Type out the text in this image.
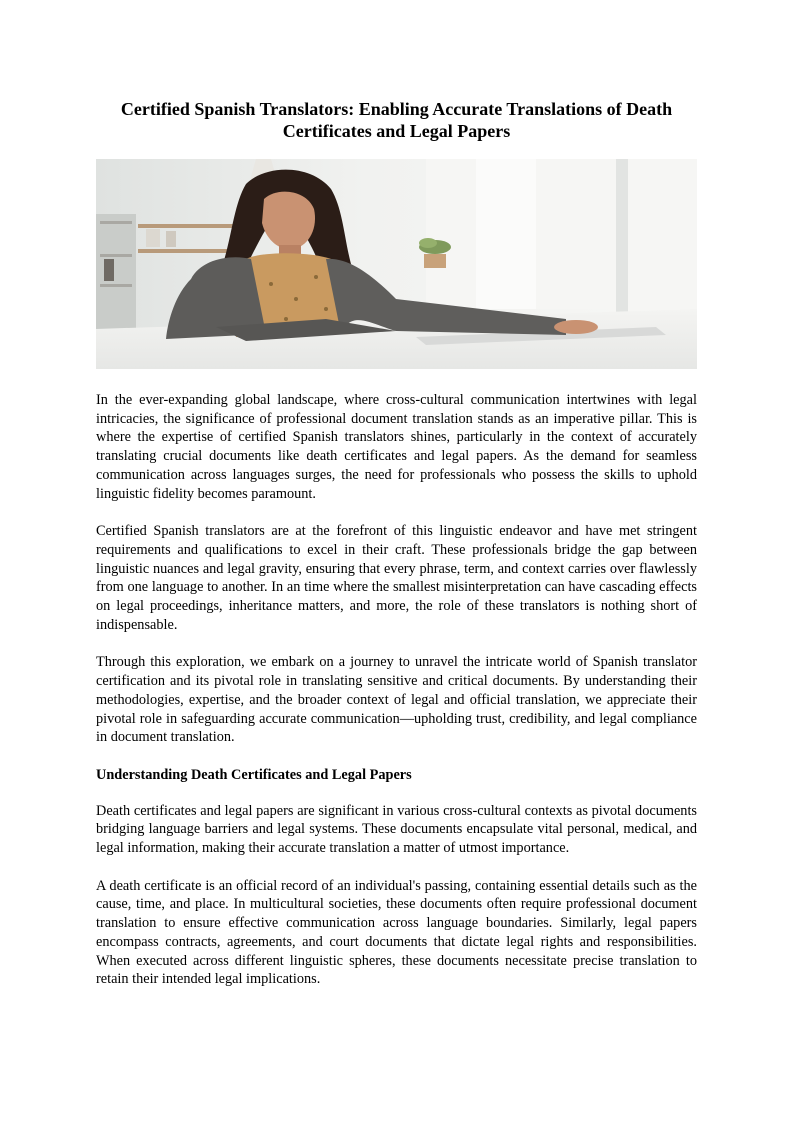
Certified Spanish Translators: Enabling Accurate Translations of Death Certificates and Legal Papers

In the ever-expanding global landscape, where cross-cultural communication intertwines with legal intricacies, the significance of professional document translation stands as an imperative pillar. This is where the expertise of certified Spanish translators shines, particularly in the context of accurately translating crucial documents like death certificates and legal papers. As the demand for seamless communication across languages surges, the need for professionals who possess the skills to uphold linguistic fidelity becomes paramount.

Certified Spanish translators are at the forefront of this linguistic endeavor and have met stringent requirements and qualifications to excel in their craft. These professionals bridge the gap between linguistic nuances and legal gravity, ensuring that every phrase, term, and context carries over flawlessly from one language to another. In an time where the smallest misinterpretation can have cascading effects on legal proceedings, inheritance matters, and more, the role of these translators is nothing short of indispensable.

Through this exploration, we embark on a journey to unravel the intricate world of Spanish translator certification and its pivotal role in translating sensitive and critical documents. By understanding their methodologies, expertise, and the broader context of legal and official translation, we appreciate their pivotal role in safeguarding accurate communication—upholding trust, credibility, and legal compliance in document translation.

Understanding Death Certificates and Legal Papers

Death certificates and legal papers are significant in various cross-cultural contexts as pivotal documents bridging language barriers and legal systems. These documents encapsulate vital personal, medical, and legal information, making their accurate translation a matter of utmost importance.

A death certificate is an official record of an individual's passing, containing essential details such as the cause, time, and place. In multicultural societies, these documents often require professional document translation to ensure effective communication across language boundaries. Similarly, legal papers encompass contracts, agreements, and court documents that dictate legal rights and responsibilities. When executed across different linguistic spheres, these documents necessitate precise translation to retain their intended legal implications.
